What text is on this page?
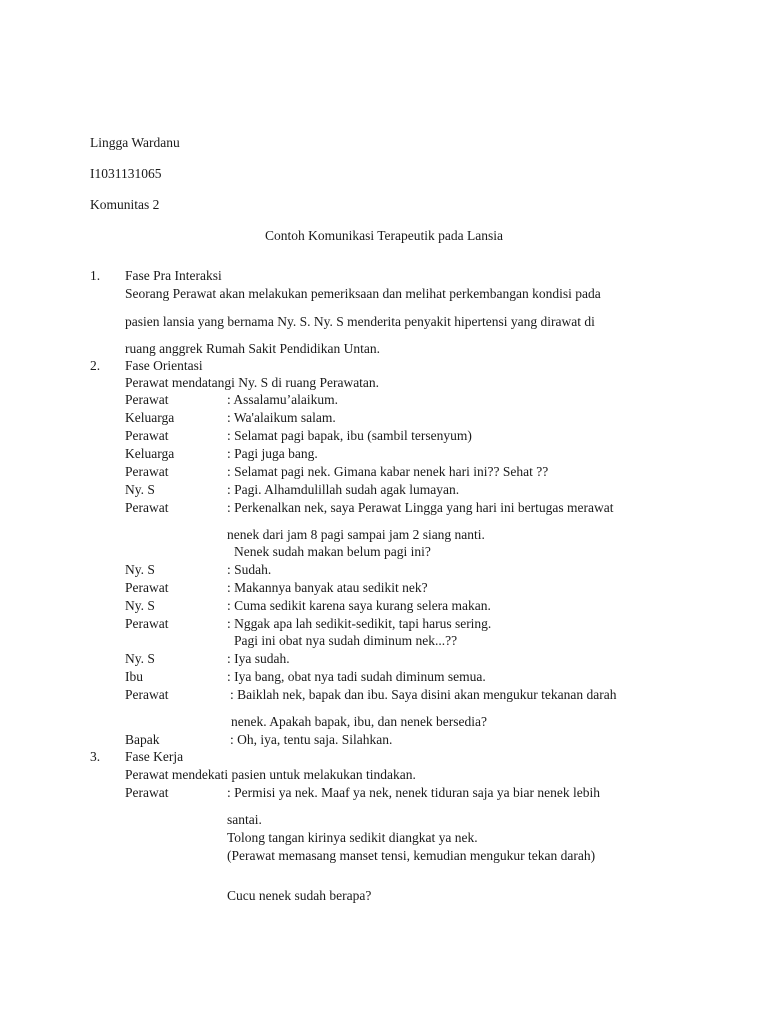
Lingga Wardanu
I1031131065
Komunitas 2
Contoh Komunikasi Terapeutik pada Lansia
1. Fase Pra Interaksi
Seorang Perawat akan melakukan pemeriksaan dan melihat perkembangan kondisi pada
pasien lansia yang bernama Ny. S. Ny. S menderita penyakit hipertensi yang dirawat di
ruang anggrek Rumah Sakit Pendidikan Untan.
2. Fase Orientasi
Perawat mendatangi Ny. S di ruang Perawatan.
Perawat	: Assalamu’alaikum.
Keluarga	: Wa'alaikum salam.
Perawat	: Selamat pagi bapak, ibu (sambil tersenyum)
Keluarga	: Pagi juga bang.
Perawat	: Selamat pagi nek. Gimana kabar nenek hari ini?? Sehat ??
Ny. S	: Pagi. Alhamdulillah sudah agak lumayan.
Perawat	: Perkenalkan nek, saya Perawat Lingga yang hari ini bertugas merawat
nenek dari jam 8 pagi sampai jam 2 siang nanti.
Nenek sudah makan belum pagi ini?
Ny. S	: Sudah.
Perawat	: Makannya banyak atau sedikit nek?
Ny. S	: Cuma sedikit karena saya kurang selera makan.
Perawat	: Nggak apa lah sedikit-sedikit, tapi harus sering.
Pagi ini obat nya sudah diminum nek...??
Ny. S	: Iya sudah.
Ibu	: Iya bang, obat nya tadi sudah diminum semua.
Perawat	: Baiklah nek, bapak dan ibu. Saya disini akan mengukur tekanan darah
nenek. Apakah bapak, ibu, dan nenek bersedia?
Bapak	: Oh, iya, tentu saja. Silahkan.
3. Fase Kerja
Perawat mendekati pasien untuk melakukan tindakan.
Perawat	: Permisi ya nek. Maaf ya nek, nenek tiduran saja ya biar nenek lebih
santai.
Tolong tangan kirinya sedikit diangkat ya nek.
(Perawat memasang manset tensi, kemudian mengukur tekan darah)
Cucu nenek sudah berapa?
